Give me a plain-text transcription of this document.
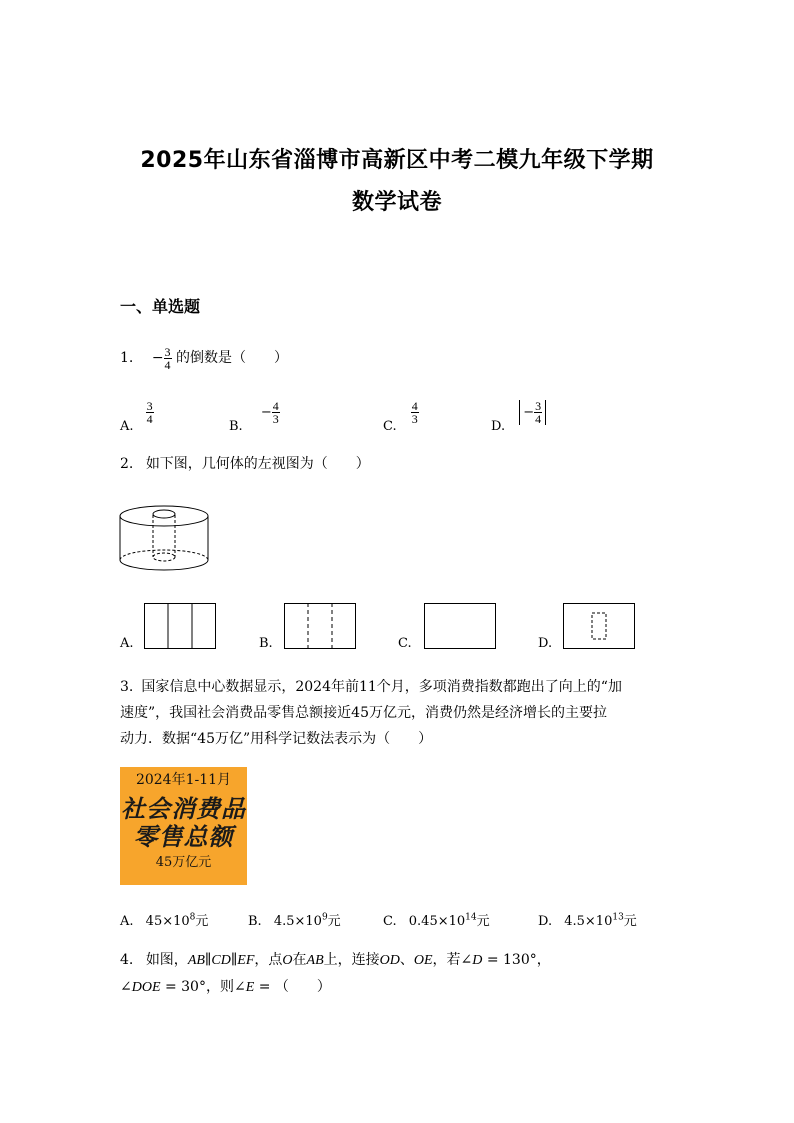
2025年山东省淄博市高新区中考二模九年级下学期
数学试卷
一、单选题
1. − $\frac{3}{4}$ 的倒数是（　　）
A.
$\frac{3}{4}$
B. − $\frac{4}{3}$
C.
$\frac{4}{3}$
D. − $\frac{3}{4}$
2. 如下图，几何体的左视图为（　　）
A.	B.	C.	D.
3. 国家信息中心数据显示，2024年前11个月，多项消费指数都跑出了向上的“加
速度”，我国社会消费品零售总额接近45万亿元，消费仍然是经济增长的主要拉
动力．数据“45万亿”用科学记数法表示为（　　）
2024年1-11月
社会消费品
零售总额
45万亿元
A. $45\times 10^8$元	B. $4.5\times 10^9$元	C. $0.45\times 10^{14}$元	D. $4.5\times 10^{13}$元
4. 如图，AB∥CD∥EF，点O在AB上，连接OD、OE，若∠D = 130°，
∠DOE = 30°，则∠E = （　　）
